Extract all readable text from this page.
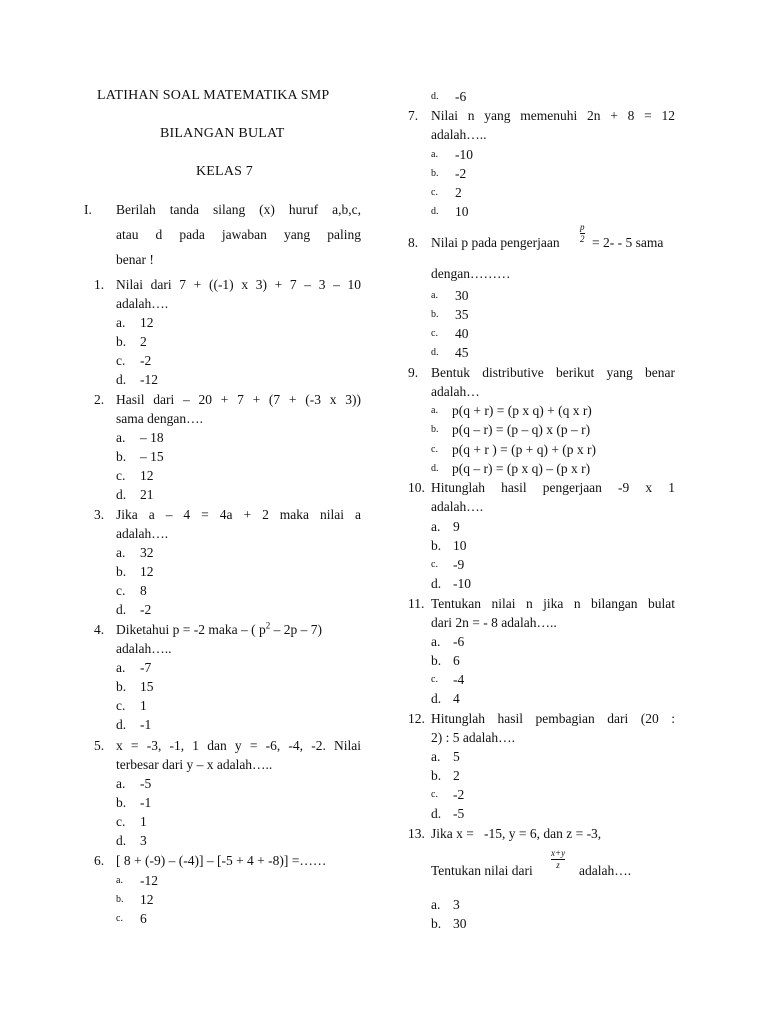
LATIHAN SOAL MATEMATIKA SMP
BILANGAN BULAT
KELAS 7
I. Berilah tanda silang (x) huruf a,b,c,
atau d pada jawaban yang paling
benar !
1. Nilai dari 7 + ((-1) x 3) + 7 – 3 – 10
adalah….
a. 12
b. 2
c. -2
d. -12
2. Hasil dari – 20 + 7 + (7 + (-3 x 3))
sama dengan….
a. – 18
b. – 15
c. 12
d. 21
3. Jika a – 4 = 4a + 2 maka nilai a
adalah….
a. 32
b. 12
c. 8
d. -2
4. Diketahui p = -2 maka – ( $p^2 - 2p - 7$)
adalah…..
a. -7
b. 15
c. 1
d. -1
5. x = -3, -1, 1 dan y = -6, -4, -2. Nilai
terbesar dari y – x adalah…..
a. -5
b. -1
c. 1
d. 3
6. [ 8 + (-9) – (-4)] – [-5 + 4 + -8)] =……
a. -12
b. 12
c. 6
d. -6
7. Nilai n yang memenuhi 2n + 8 = 12
adalah…..
a. -10
b. -2
c. 2
d. 10
8. Nilai p pada pengerjaan
p
2 = 2- - 5 sama
dengan………
a. 30
b. 35
c. 40
d. 45
9. Bentuk distributive berikut yang benar
adalah…
a. p(q + r) = (p x q) + (q x r)
b. p(q – r) = (p – q) x (p – r)
c. p(q + r ) = (p + q) + (p x r)
d. p(q – r) = (p x q) – (p x r)
10. Hitunglah hasil pengerjaan -9 x 1
adalah….
a. 9
b. 10
c. -9
d. -10
11. Tentukan nilai n jika n bilangan bulat
dari 2n = - 8 adalah…..
a. -6
b. 6
c. -4
d. 4
12. Hitunglah hasil pembagian dari (20 :
2) : 5 adalah….
a. 5
b. 2
c. -2
d. -5
13. Jika x =   -15, y = 6, dan z = -3,
Tentukan nilai dari
x+y
z adalah….
a. 3
b. 30
